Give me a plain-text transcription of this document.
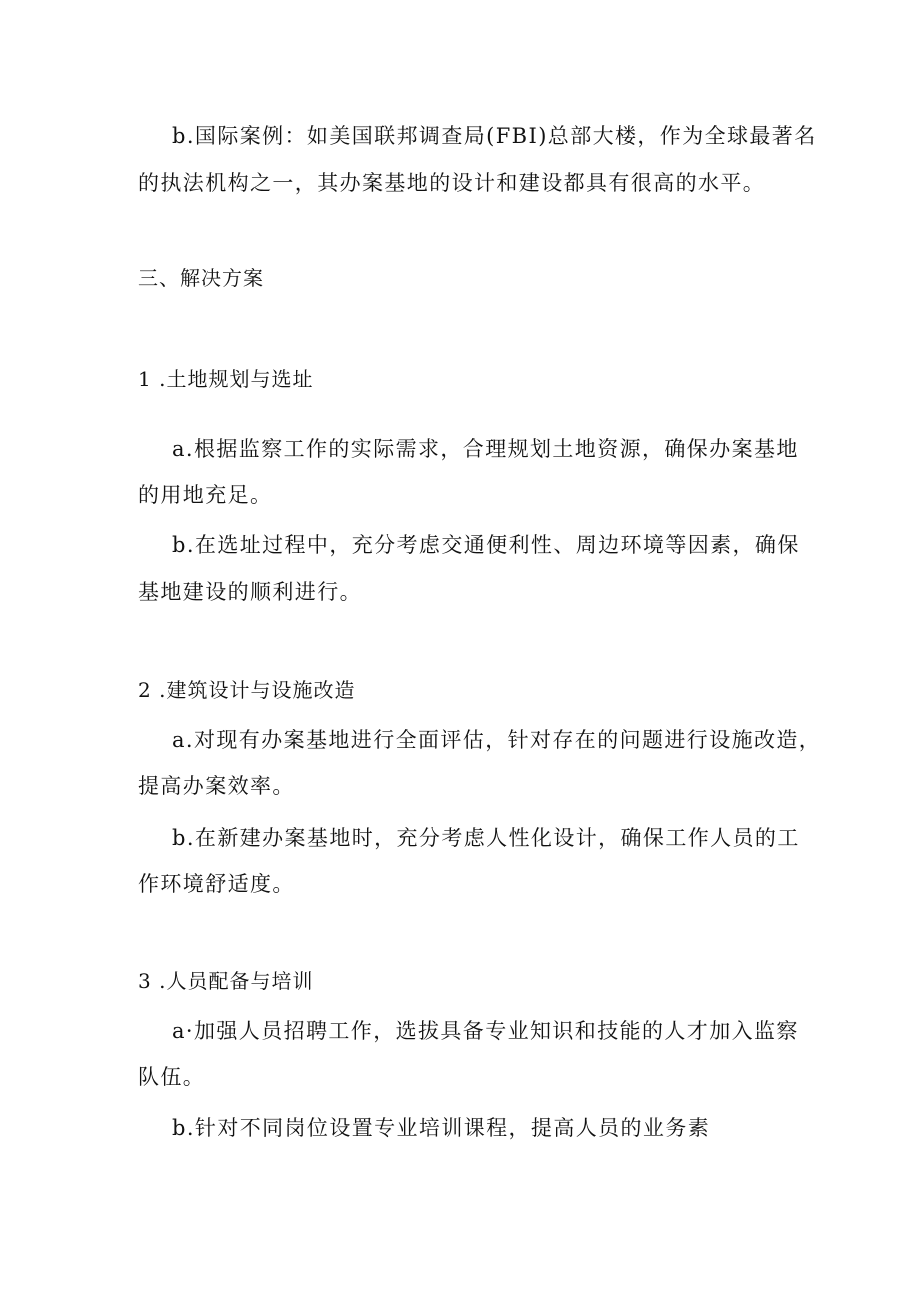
b.国际案例：如美国联邦调查局(FBI)总部大楼，作为全球最著名
的执法机构之一，其办案基地的设计和建设都具有很高的水平。
三、解决方案
1 .土地规划与选址
a.根据监察工作的实际需求，合理规划土地资源，确保办案基地
的用地充足。
b.在选址过程中，充分考虑交通便利性、周边环境等因素，确保
基地建设的顺利进行。
2 .建筑设计与设施改造
a.对现有办案基地进行全面评估，针对存在的问题进行设施改造，
提高办案效率。
b.在新建办案基地时，充分考虑人性化设计，确保工作人员的工
作环境舒适度。
3 .人员配备与培训
a·加强人员招聘工作，选拔具备专业知识和技能的人才加入监察
队伍。
b.针对不同岗位设置专业培训课程，提高人员的业务素
